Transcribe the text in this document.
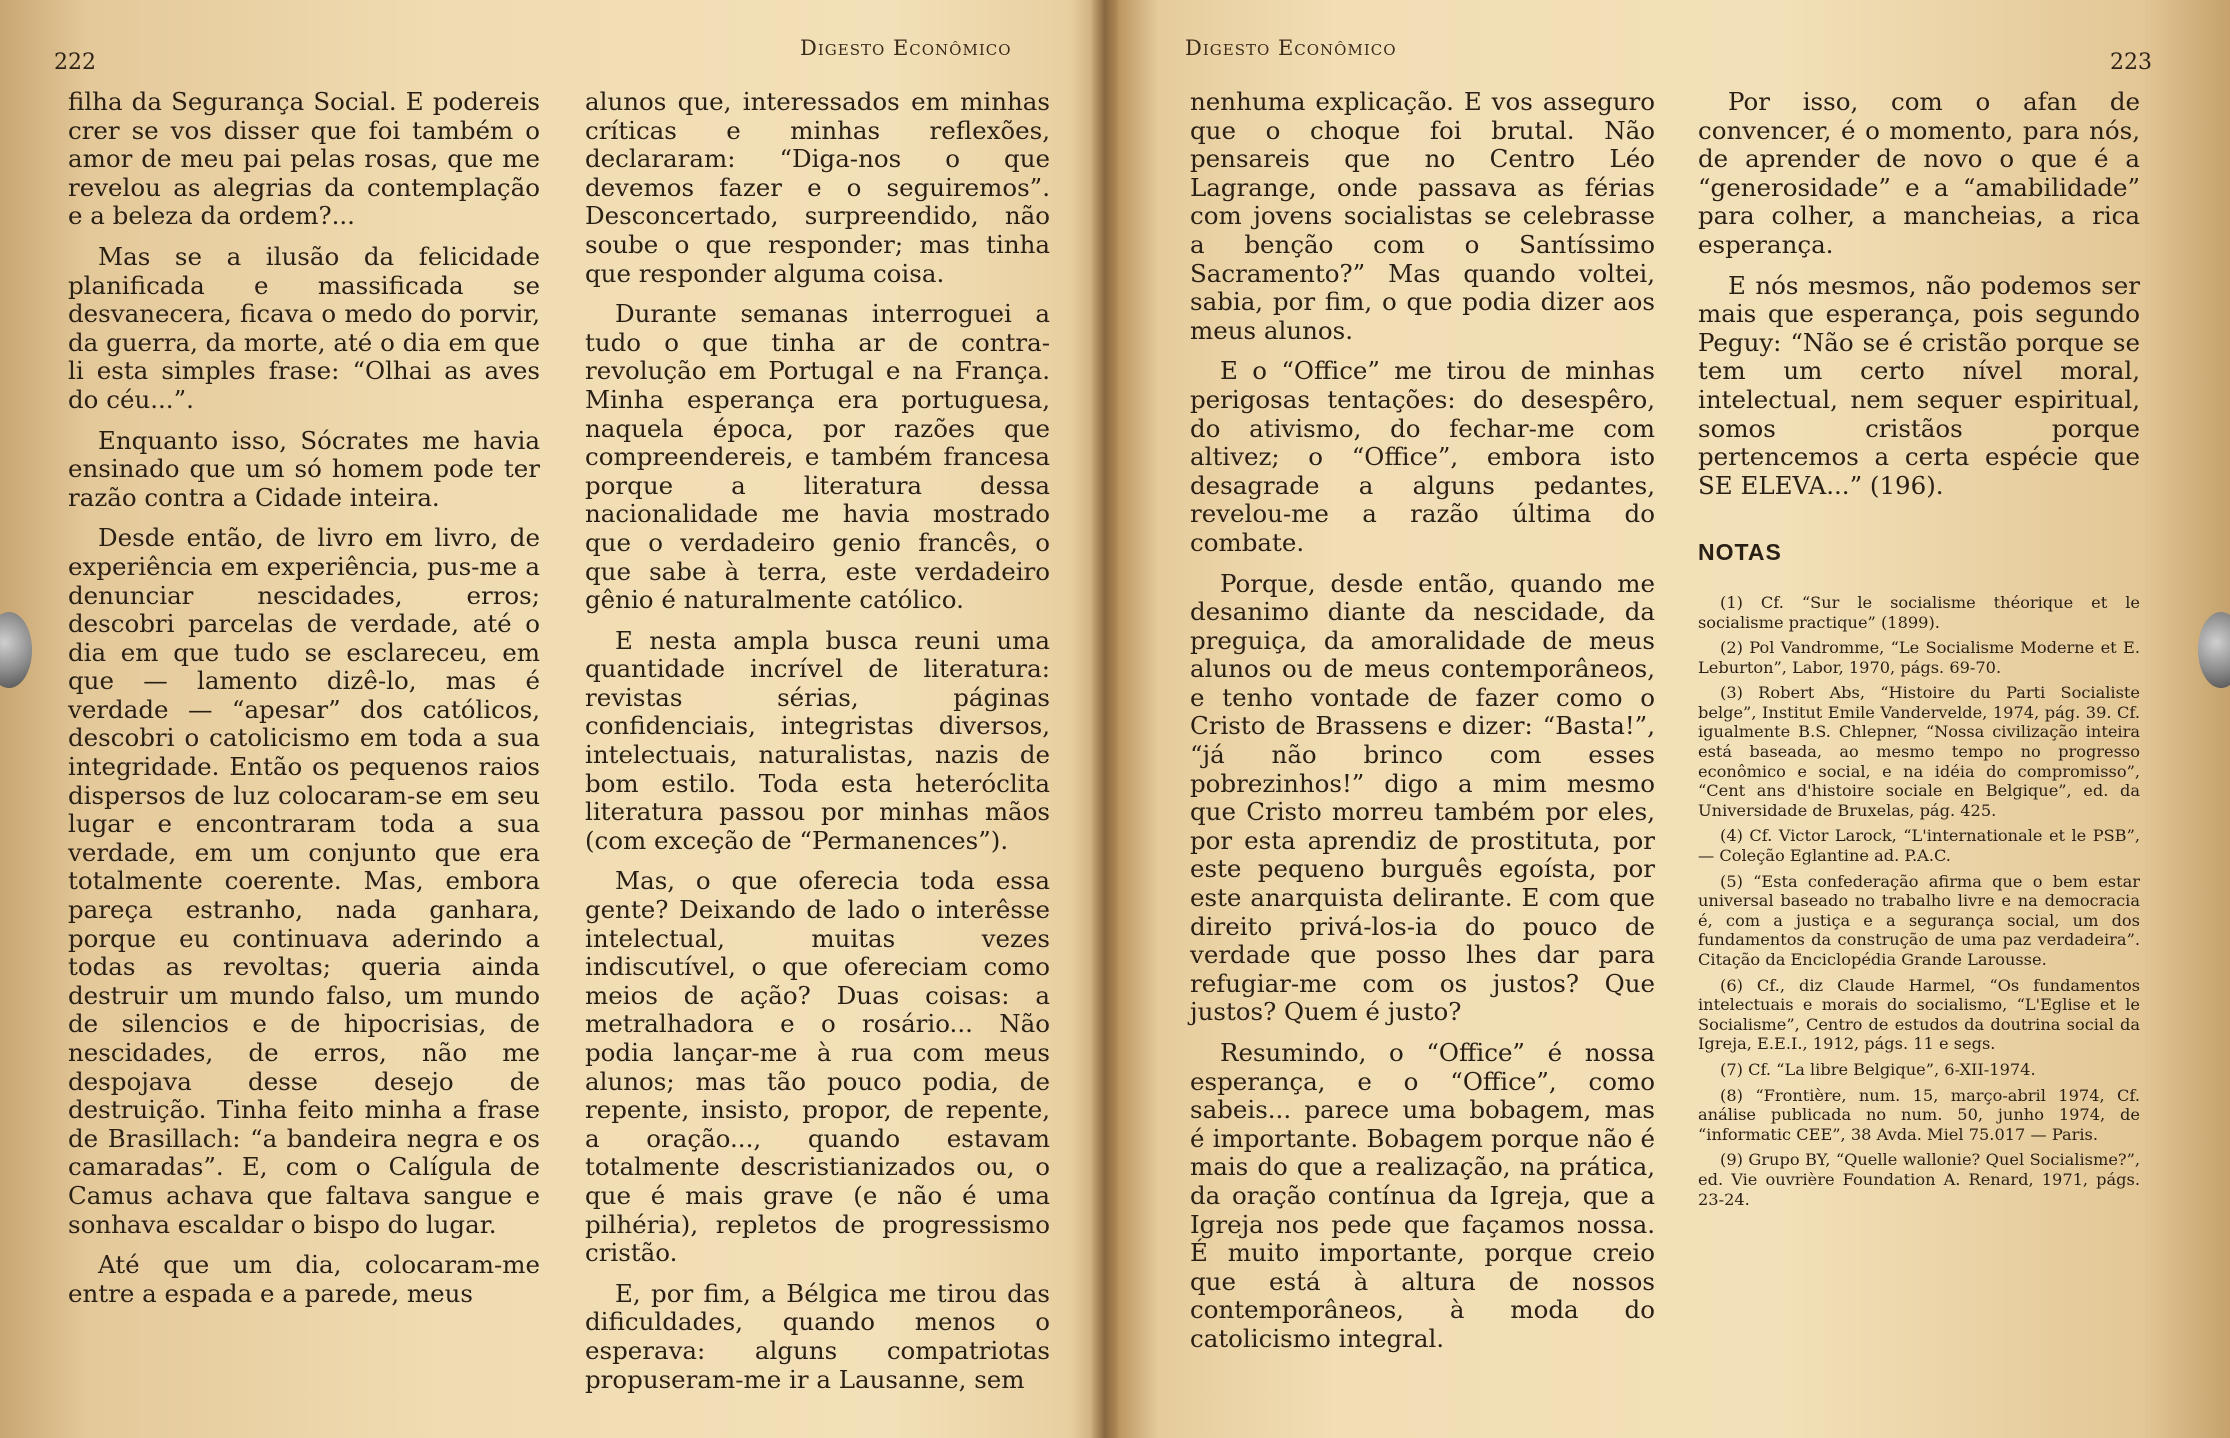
222
Digesto Econômico

filha da Segurança Social. E podereis crer se vos disser que foi também o amor de meu pai pelas rosas, que me revelou as alegrias da contemplação e a beleza da ordem?...

Mas se a ilusão da felicidade planificada e massificada se desvanecera, ficava o medo do porvir, da guerra, da morte, até o dia em que li esta simples frase: “Olhai as aves do céu...”.

Enquanto isso, Sócrates me havia ensinado que um só homem pode ter razão contra a Cidade inteira.

Desde então, de livro em livro, de experiência em experiência, pus-me a denunciar nescidades, erros; descobri parcelas de verdade, até o dia em que tudo se esclareceu, em que — lamento dizê-lo, mas é verdade — “apesar” dos católicos, descobri o catolicismo em toda a sua integridade. Então os pequenos raios dispersos de luz colocaram-se em seu lugar e encontraram toda a sua verdade, em um conjunto que era totalmente coerente. Mas, embora pareça estranho, nada ganhara, porque eu continuava aderindo a todas as revoltas; queria ainda destruir um mundo falso, um mundo de silencios e de hipocrisias, de nescidades, de erros, não me despojava desse desejo de destruição. Tinha feito minha a frase de Brasillach: “a bandeira negra e os camaradas”. E, com o Calígula de Camus achava que faltava sangue e sonhava escaldar o bispo do lugar.

Até que um dia, colocaram-me entre a espada e a parede, meus

alunos que, interessados em minhas críticas e minhas reflexões, declararam: “Diga-nos o que devemos fazer e o seguiremos”. Desconcertado, surpreendido, não soube o que responder; mas tinha que responder alguma coisa.

Durante semanas interroguei a tudo o que tinha ar de contra-revolução em Portugal e na França. Minha esperança era portuguesa, naquela época, por razões que compreendereis, e também francesa porque a literatura dessa nacionalidade me havia mostrado que o verdadeiro genio francês, o que sabe à terra, este verdadeiro gênio é naturalmente católico.

E nesta ampla busca reuni uma quantidade incrível de literatura: revistas sérias, páginas confidenciais, integristas diversos, intelectuais, naturalistas, nazis de bom estilo. Toda esta heteróclita literatura passou por minhas mãos (com exceção de “Permanences”).

Mas, o que oferecia toda essa gente? Deixando de lado o interêsse intelectual, muitas vezes indiscutível, o que ofereciam como meios de ação? Duas coisas: a metralhadora e o rosário... Não podia lançar-me à rua com meus alunos; mas tão pouco podia, de repente, insisto, propor, de repente, a oração..., quando estavam totalmente descristianizados ou, o que é mais grave (e não é uma pilhéria), repletos de progressismo cristão.

E, por fim, a Bélgica me tirou das dificuldades, quando menos o esperava: alguns compatriotas propuseram-me ir a Lausanne, sem

Digesto Econômico
223

nenhuma explicação. E vos asseguro que o choque foi brutal. Não pensareis que no Centro Léo Lagrange, onde passava as férias com jovens socialistas se celebrasse a benção com o Santíssimo Sacramento?” Mas quando voltei, sabia, por fim, o que podia dizer aos meus alunos.

E o “Office” me tirou de minhas perigosas tentações: do desespêro, do ativismo, do fechar-me com altivez; o “Office”, embora isto desagrade a alguns pedantes, revelou-me a razão última do combate.

Porque, desde então, quando me desanimo diante da nescidade, da preguiça, da amoralidade de meus alunos ou de meus contemporâneos, e tenho vontade de fazer como o Cristo de Brassens e dizer: “Basta!”, “já não brinco com esses pobrezinhos!” digo a mim mesmo que Cristo morreu também por eles, por esta aprendiz de prostituta, por este pequeno burguês egoísta, por este anarquista delirante. E com que direito privá-los-ia do pouco de verdade que posso lhes dar para refugiar-me com os justos? Que justos? Quem é justo?

Resumindo, o “Office” é nossa esperança, e o “Office”, como sabeis... parece uma bobagem, mas é importante. Bobagem porque não é mais do que a realização, na prática, da oração contínua da Igreja, que a Igreja nos pede que façamos nossa. É muito importante, porque creio que está à altura de nossos contemporâneos, à moda do catolicismo integral.

Por isso, com o afan de convencer, é o momento, para nós, de aprender de novo o que é a “generosidade” e a “amabilidade” para colher, a mancheias, a rica esperança.

E nós mesmos, não podemos ser mais que esperança, pois segundo Peguy: “Não se é cristão porque se tem um certo nível moral, intelectual, nem sequer espiritual, somos cristãos porque pertencemos a certa espécie que SE ELEVA...” (196).

NOTAS

(1) Cf. “Sur le socialisme théorique et le socialisme practique” (1899).

(2) Pol Vandromme, “Le Socialisme Moderne et E. Leburton”, Labor, 1970, págs. 69-70.

(3) Robert Abs, “Histoire du Parti Socialiste belge”, Institut Emile Vandervelde, 1974, pág. 39. Cf. igualmente B.S. Chlepner, “Nossa civilização inteira está baseada, ao mesmo tempo no progresso econômico e social, e na idéia do compromisso”, “Cent ans d'histoire sociale en Belgique”, ed. da Universidade de Bruxelas, pág. 425.

(4) Cf. Victor Larock, “L'internationale et le PSB”, — Coleção Eglantine ad. P.A.C.

(5) “Esta confederação afirma que o bem estar universal baseado no trabalho livre e na democracia é, com a justiça e a segurança social, um dos fundamentos da construção de uma paz verdadeira”. Citação da Enciclopédia Grande Larousse.

(6) Cf., diz Claude Harmel, “Os fundamentos intelectuais e morais do socialismo, “L'Eglise et le Socialisme”, Centro de estudos da doutrina social da Igreja, E.E.I., 1912, págs. 11 e segs.

(7) Cf. “La libre Belgique”, 6-XII-1974.

(8) “Frontière, num. 15, março-abril 1974, Cf. análise publicada no num. 50, junho 1974, de “informatic CEE”, 38 Avda. Miel 75.017 — Paris.

(9) Grupo BY, “Quelle wallonie? Quel Socialisme?”, ed. Vie ouvrière Foundation A. Renard, 1971, págs. 23-24.
